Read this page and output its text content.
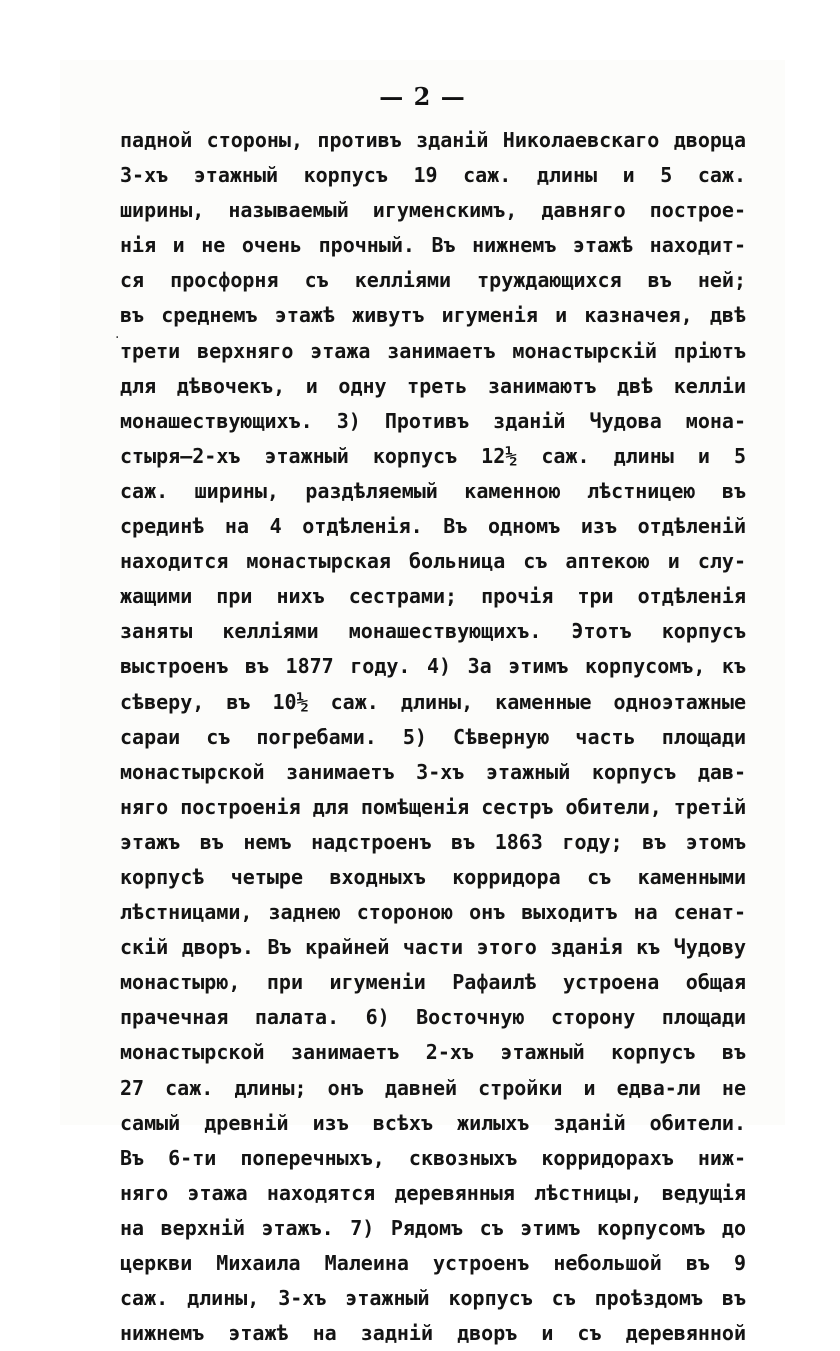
— 2 —
.
падной стороны, противъ зданій Николаевскаго дворца
3-хъ этажный корпусъ 19 саж. длины и 5 саж.
ширины, называемый игуменскимъ, давняго построе-
нія и не очень прочный. Въ нижнемъ этажѣ находит-
ся просфорня съ келліями труждающихся въ ней;
въ среднемъ этажѣ живутъ игуменія и казначея, двѣ
трети верхняго этажа занимаетъ монастырскій пріютъ
для дѣвочекъ, и одну треть занимаютъ двѣ келліи
монашествующихъ. 3) Противъ зданій Чудова мона-
стыря—2-хъ этажный корпусъ 12½ саж. длины и 5
саж. ширины, раздѣляемый каменною лѣстницею въ
срединѣ на 4 отдѣленія. Въ одномъ изъ отдѣленій
находится монастырская больница съ аптекою и слу-
жащими при нихъ сестрами; прочія три отдѣленія
заняты келліями монашествующихъ. Этотъ корпусъ
выстроенъ въ 1877 году. 4) За этимъ корпусомъ, къ
сѣверу, въ 10½ саж. длины, каменные одноэтажные
сараи съ погребами. 5) Сѣверную часть площади
монастырской занимаетъ 3-хъ этажный корпусъ дав-
няго построенія для помѣщенія сестръ обители, третій
этажъ въ немъ надстроенъ въ 1863 году; въ этомъ
корпусѣ четыре входныхъ корридора съ каменными
лѣстницами, заднею стороною онъ выходитъ на сенат-
скій дворъ. Въ крайней части этого зданія къ Чудову
монастырю, при игуменіи Рафаилѣ устроена общая
прачечная палата. 6) Восточную сторону площади
монастырской занимаетъ 2-хъ этажный корпусъ въ
27 саж. длины; онъ давней стройки и едва-ли не
самый древній изъ всѣхъ жилыхъ зданій обители.
Въ 6-ти поперечныхъ, сквозныхъ корридорахъ ниж-
няго этажа находятся деревянныя лѣстницы, ведущія
на верхній этажъ. 7) Рядомъ съ этимъ корпусомъ до
церкви Михаила Малеина устроенъ небольшой въ 9
саж. длины, 3-хъ этажный корпусъ съ проѣздомъ въ
нижнемъ этажѣ на задній дворъ и съ деревянной
